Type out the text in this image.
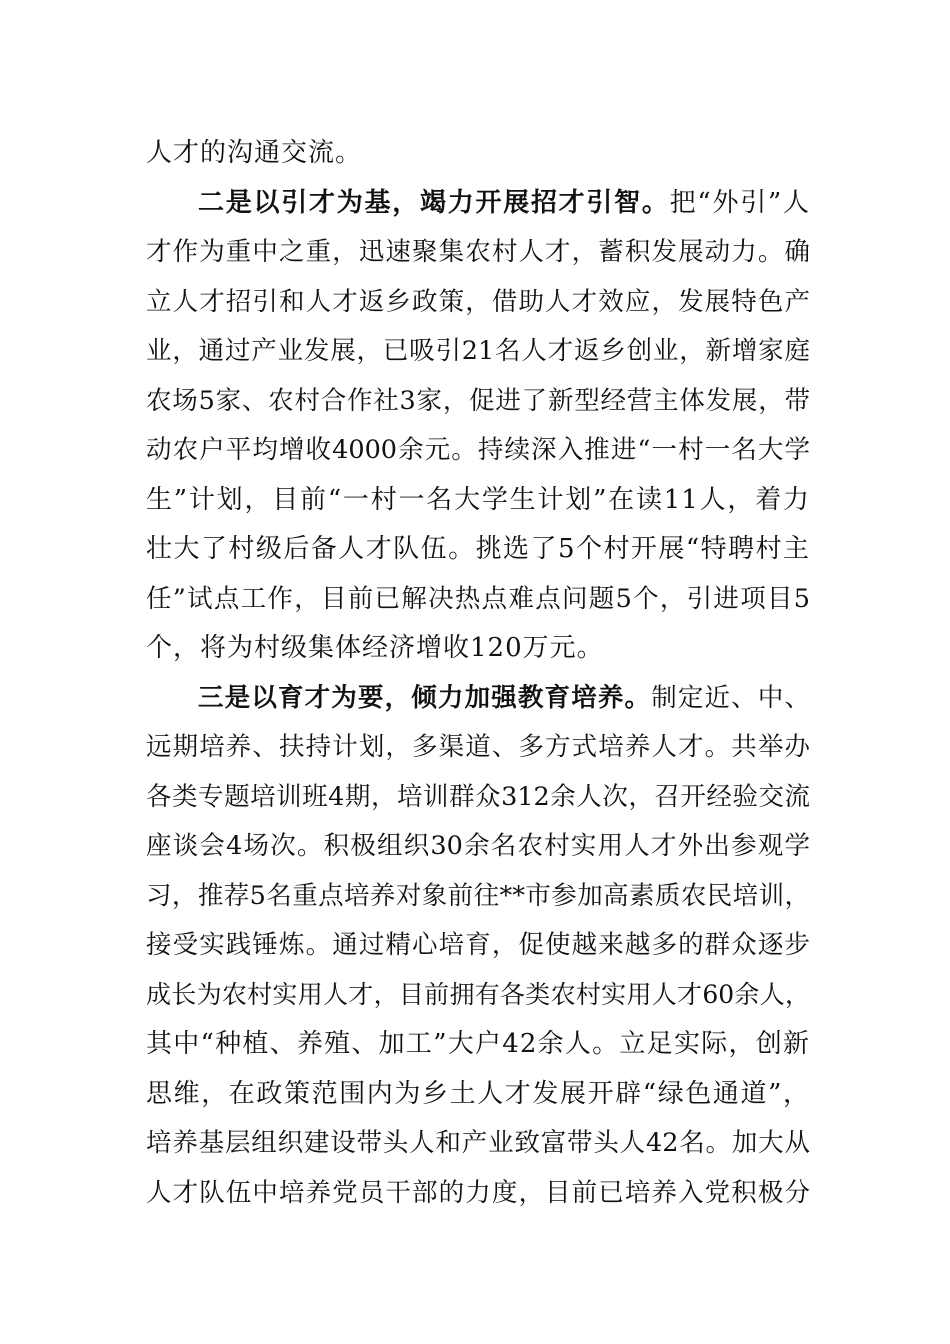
人才的沟通交流。
二是以引才为基，竭力开展招才引智。把“外引”人
才作为重中之重，迅速聚集农村人才，蓄积发展动力。确
立人才招引和人才返乡政策，借助人才效应，发展特色产
业，通过产业发展，已吸引21名人才返乡创业，新增家庭
农场5家、农村合作社3家，促进了新型经营主体发展，带
动农户平均增收4000余元。持续深入推进“一村一名大学
生”计划，目前“一村一名大学生计划”在读11人，着力
壮大了村级后备人才队伍。挑选了5个村开展“特聘村主
任”试点工作，目前已解决热点难点问题5个，引进项目5
个，将为村级集体经济增收120万元。
三是以育才为要，倾力加强教育培养。制定近、中、
远期培养、扶持计划，多渠道、多方式培养人才。共举办
各类专题培训班4期，培训群众312余人次，召开经验交流
座谈会4场次。积极组织30余名农村实用人才外出参观学
习，推荐5名重点培养对象前往**市参加高素质农民培训，
接受实践锤炼。通过精心培育，促使越来越多的群众逐步
成长为农村实用人才，目前拥有各类农村实用人才60余人，
其中“种植、养殖、加工”大户42余人。立足实际，创新
思维，在政策范围内为乡土人才发展开辟“绿色通道”，
培养基层组织建设带头人和产业致富带头人42名。加大从
人才队伍中培养党员干部的力度，目前已培养入党积极分
